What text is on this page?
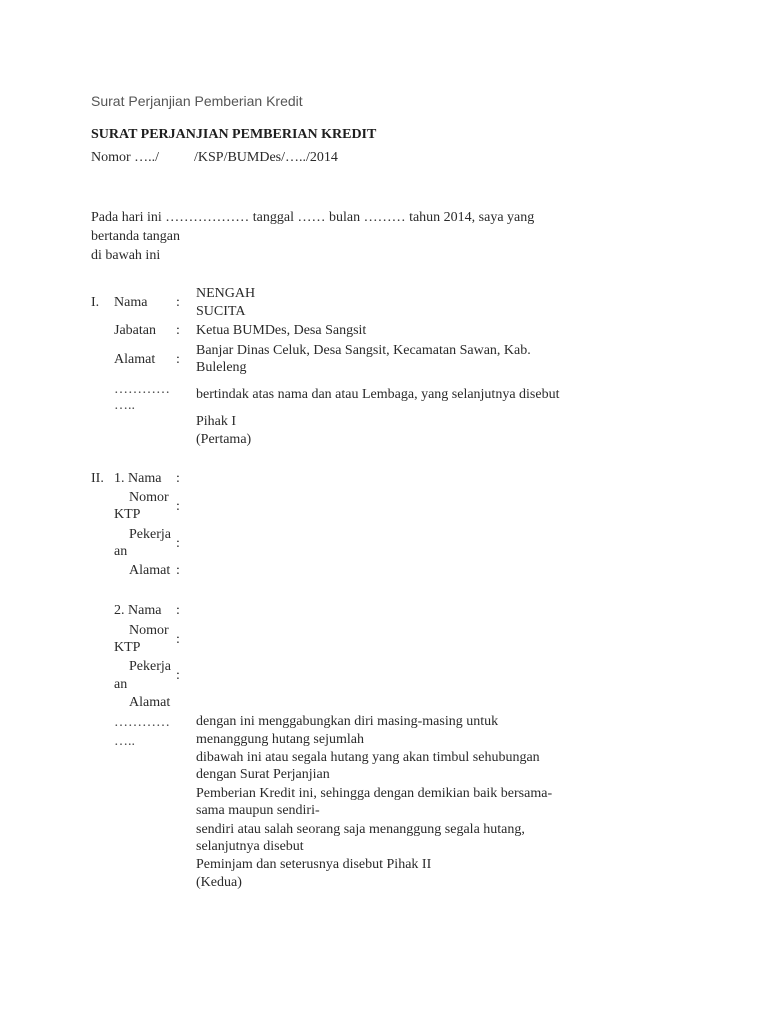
Surat Perjanjian Pemberian Kredit
SURAT PERJANJIAN PEMBERIAN KREDIT
Nomor …../ /KSP/BUMDes/…../2014
Pada hari ini ……………… tanggal …… bulan ……… tahun 2014, saya yang
bertanda tangan
di bawah ini
I. Nama :
NENGAH
SUCITA
Jabatan : Ketua BUMDes, Desa Sangsit
Alamat :
Banjar Dinas Celuk, Desa Sangsit, Kecamatan Sawan, Kab.
Buleleng
…………
…..
bertindak atas nama dan atau Lembaga, yang selanjutnya disebut
Pihak I
(Pertama)
II. 1. Nama :
Nomor
:
KTP
Pekerja
:
an
Alamat :
2. Nama :
Nomor
:
KTP
Pekerja
:
an
Alamat
…………
…..
dengan ini menggabungkan diri masing-masing untuk
menanggung hutang sejumlah
dibawah ini atau segala hutang yang akan timbul sehubungan
dengan Surat Perjanjian
Pemberian Kredit ini, sehingga dengan demikian baik bersama-
sama maupun sendiri-
sendiri atau salah seorang saja menanggung segala hutang,
selanjutnya disebut
Peminjam dan seterusnya disebut Pihak II
(Kedua)
